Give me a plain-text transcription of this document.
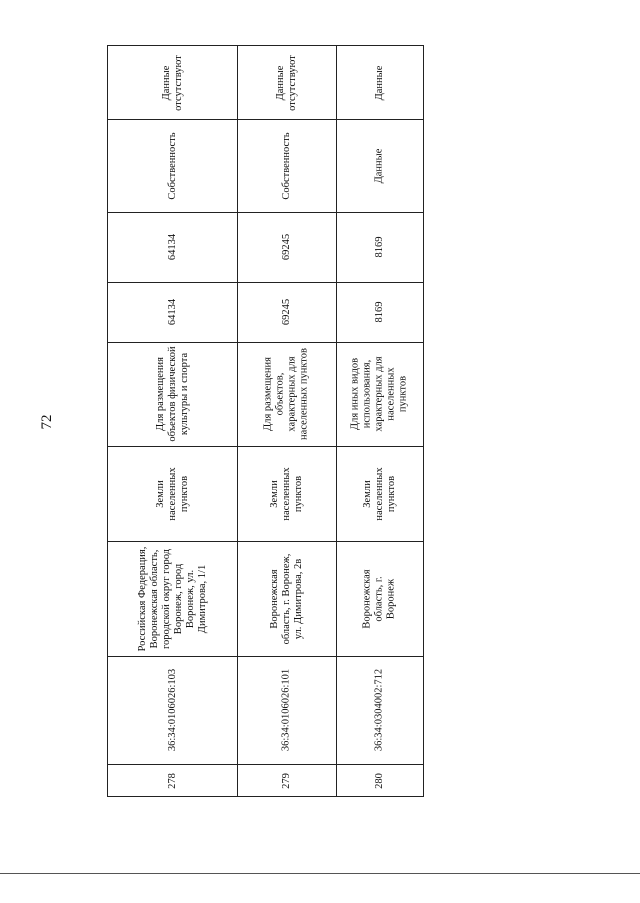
72
Данные отсутствуют
Собственность
64134
64134
Для размещения объектов физической культуры и спорта
Земли населенных пунктов
Российская Федерация, Воронежская область, городской округ город Воронеж, город Воронеж, ул. Димитрова, 1/1
36:34:0106026:103
278
Данные отсутствуют
Собственность
69245
69245
Для размещения объектов, характерных для населенных пунктов
Земли населенных пунктов
Воронежская область, г. Воронеж, ул. Димитрова, 2в
36:34:0106026:101
279
Данные
Данные
8169
8169
Для иных видов использования, характерных для населенных пунктов
Земли населенных пунктов
Воронежская область, г. Воронеж
36:34:0304002:712
280
